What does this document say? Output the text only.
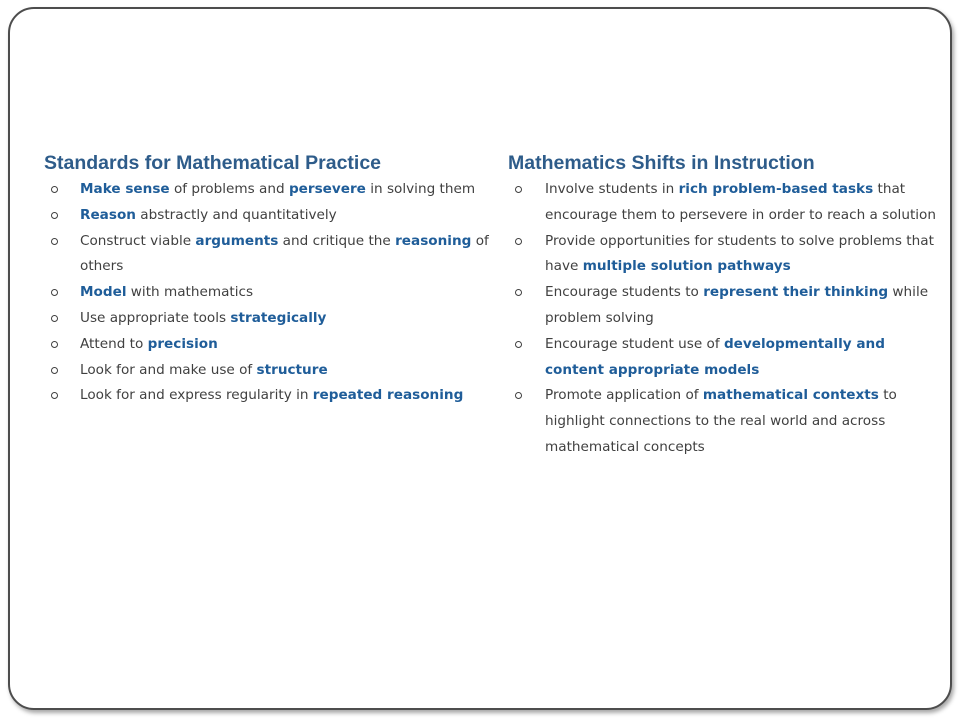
Standards for Mathematical Practice
Make sense of problems and persevere in solving them
Reason abstractly and quantitatively
Construct viable arguments and critique the reasoning of others
Model with mathematics
Use appropriate tools strategically
Attend to precision
Look for and make use of structure
Look for and express regularity in repeated reasoning
Mathematics Shifts in Instruction
Involve students in rich problem-based tasks that encourage them to persevere in order to reach a solution
Provide opportunities for students to solve problems that have multiple solution pathways
Encourage students to represent their thinking while problem solving
Encourage student use of developmentally and content appropriate models
Promote application of mathematical contexts to highlight connections to the real world and across mathematical concepts
